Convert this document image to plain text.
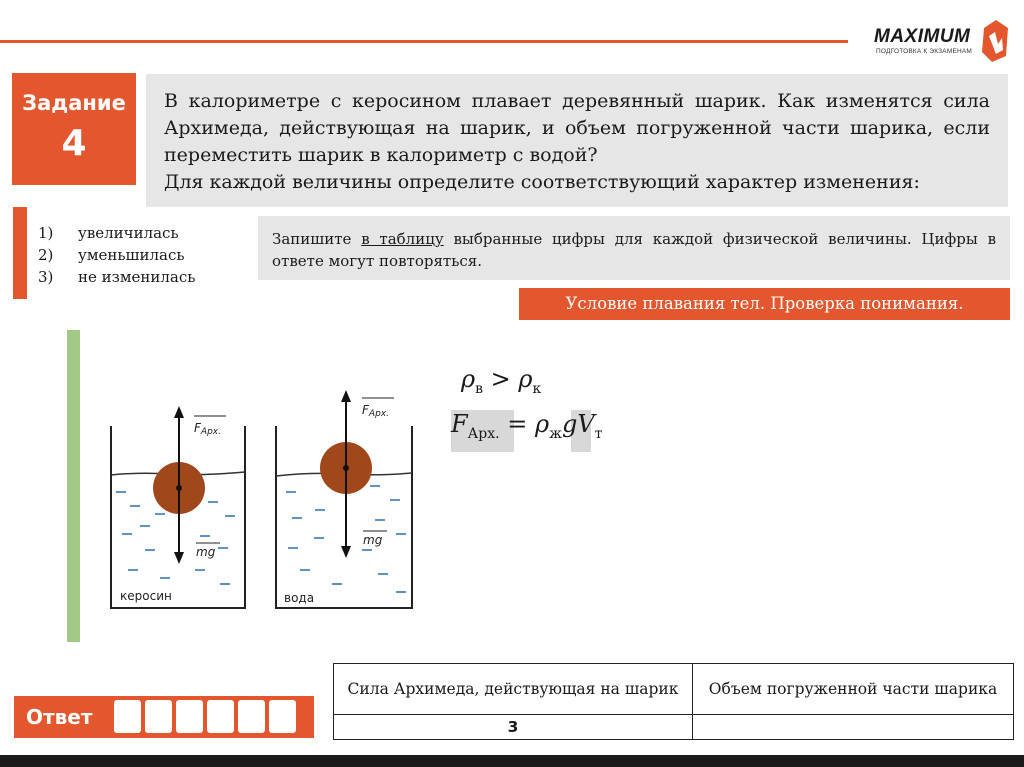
MAXIMUM
ПОДГОТОВКА К ЭКЗАМЕНАМ
Задание
4
В калориметре с керосином плавает деревянный шарик. Как изменятся сила Архимеда, действующая на шарик, и объем погруженной части шарика, если переместить шарик в калориметр с водой?
Для каждой величины определите соответствующий характер изменения:
1) увеличилась
2) уменьшилась
3) не изменилась
Запишите в таблицу выбранные цифры для каждой физической величины. Цифры в ответе могут повторяться.
Условие плавания тел. Проверка понимания.
FАрх.
mg
керосин
FАрх.
mg
вода
$\rho_в > \rho_к$
$F_{Арх.} = \rho_жgV_т$
Ответ
Сила Архимеда, действующая на шарик	Объем погруженной части шарика
3	
